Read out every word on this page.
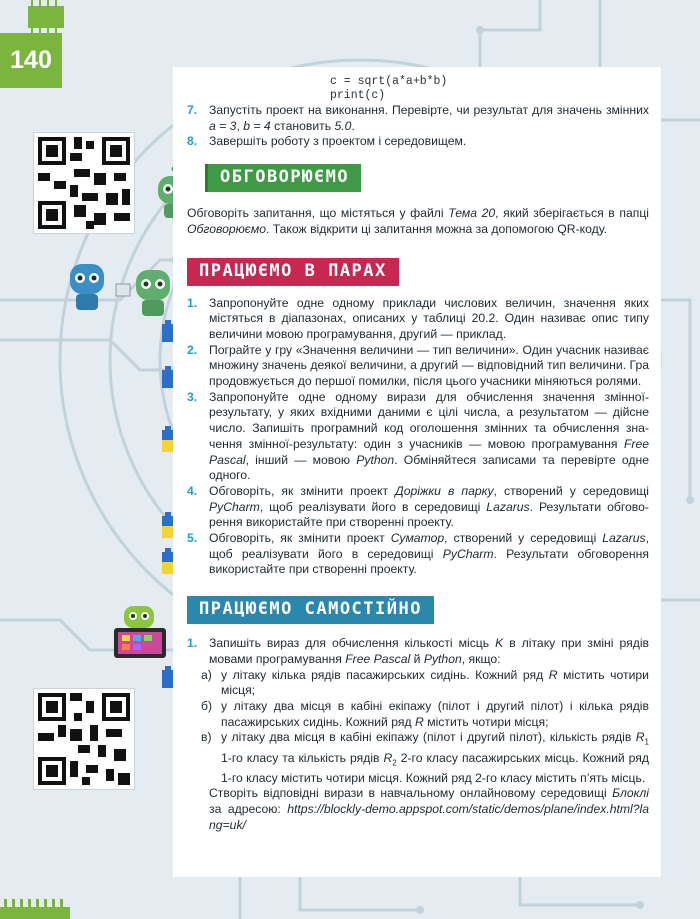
140
c = sqrt(a*a+b*b)
print(c)
7. Запустіть проект на виконання. Перевірте, чи результат для значень змінних a = 3, b = 4 становить 5.0.
8. Завершіть роботу з проектом і середовищем.
ОБГОВОРЮЄМО
Обговоріть запитання, що містяться у файлі Тема 20, який зберігається в папці Обговорюємо. Також відкрити ці запитання можна за допомогою QR-коду.
ПРАЦЮЄМО В ПАРАХ
1. Запропонуйте одне одному приклади числових величин, значення яких містяться в діапазонах, описаних у таблиці 20.2. Один називає опис типу величини мовою програмування, другий — приклад.
2. Пограйте у гру «Значення величини — тип величини». Один учасник називає множину значень деякої величини, а другий — відповідний тип величини. Гра продовжується до першої помилки, після цього учасники міняються ролями.
3. Запропонуйте одне одному вирази для обчислення значення змінної-результату, у яких вхідними даними є цілі числа, а результатом — дійсне число. Запишіть програмний код оголошення змінних та обчислення значення змінної-результату: один з учасників — мовою програмування Free Pascal, інший — мовою Python. Обміняйтеся записами та перевірте одне одного.
4. Обговоріть, як змінити проект Доріжки в парку, створений у середовищі PyCharm, щоб реалізувати його в середовищі Lazarus. Результати обговорення використайте при створенні проекту.
5. Обговоріть, як змінити проект Суматор, створений у середовищі Lazarus, щоб реалізувати його в середовищі PyCharm. Результати обговорення використайте при створенні проекту.
ПРАЦЮЄМО САМОСТІЙНО
1. Запишіть вираз для обчислення кількості місць K в літаку при зміні рядів мовами програмування Free Pascal й Python, якщо:
а) у літаку кілька рядів пасажирських сидінь. Кожний ряд R містить чотири місця;
б) у літаку два місця в кабіні екіпажу (пілот і другий пілот) і кілька рядів пасажирських сидінь. Кожний ряд R містить чотири місця;
в) у літаку два місця в кабіні екіпажу (пілот і другий пілот), кількість рядів $R_1$ 1-го класу та кількість рядів $R_2$ 2-го класу пасажирських місць. Кожний ряд 1-го класу містить чотири місця. Кожний ряд 2-го класу містить п’ять місць.
Створіть відповідні вирази в навчальному онлайновому середовищі Блоклі за адресою: https://blockly-demo.appspot.com/static/demos/plane/index.html?lang=uk/
